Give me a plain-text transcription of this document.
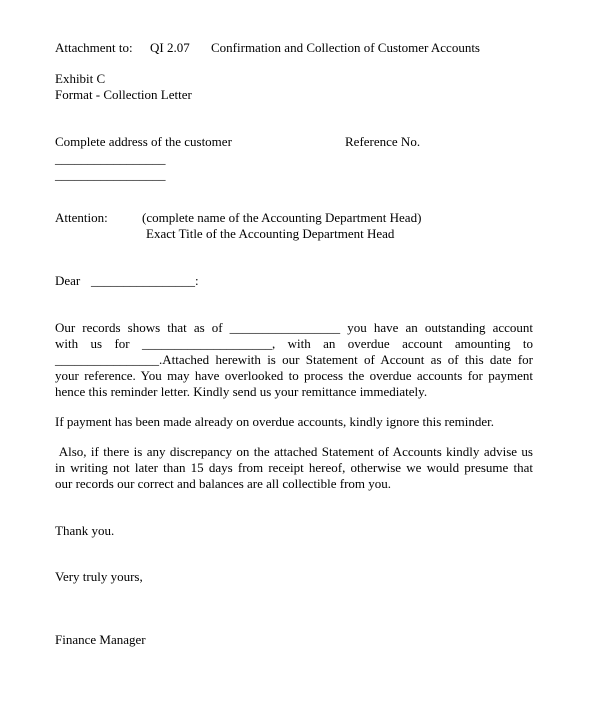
Attachment to: QI 2.07 Confirmation and Collection of Customer Accounts
Exhibit C
Format - Collection Letter
Complete address of the customer	Reference No.
_________________
_________________
Attention:	(complete name of the Accounting Department Head)
Exact Title of the Accounting Department Head
Dear ________________:
Our records shows that as of _________________ you have an outstanding account
with us for ____________________, with an overdue account amounting to
________________.Attached herewith is our Statement of Account as of this date for
your reference. You may have overlooked to process the overdue accounts for payment
hence this reminder letter. Kindly send us your remittance immediately.
If payment has been made already on overdue accounts, kindly ignore this reminder.
Also, if there is any discrepancy on the attached Statement of Accounts kindly advise us
in writing not later than 15 days from receipt hereof, otherwise we would presume that
our records our correct and balances are all collectible from you.
Thank you.
Very truly yours,
Finance Manager
